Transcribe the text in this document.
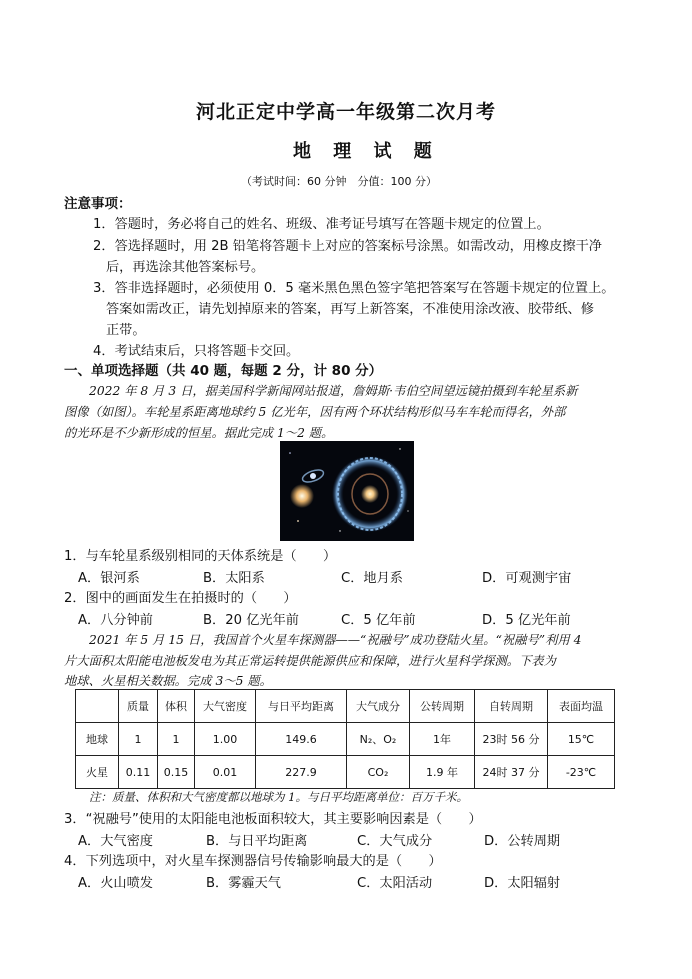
河北正定中学高一年级第二次月考
地 理 试 题
（考试时间：60 分钟　分值：100 分）
注意事项：
1．答题时，务必将自己的姓名、班级、准考证号填写在答题卡规定的位置上。
2．答选择题时，用 2B 铅笔将答题卡上对应的答案标号涂黑。如需改动，用橡皮擦干净
后，再选涂其他答案标号。
3．答非选择题时，必须使用 0．5 毫米黑色黑色签字笔把答案写在答题卡规定的位置上。
答案如需改正，请先划掉原来的答案，再写上新答案，不准使用涂改液、胶带纸、修
正带。
4．考试结束后，只将答题卡交回。
一、单项选择题（共 40 题，每题 2 分，计 80 分）
2022 年 8 月 3 日，据美国科学新闻网站报道，詹姆斯·韦伯空间望远镜拍摄到车轮星系新
图像（如图）。车轮星系距离地球约 5 亿光年，因有两个环状结构形似马车车轮而得名，外部
的光环是不少新形成的恒星。据此完成 1～2 题。
1．与车轮星系级别相同的天体系统是（　　）
A．银河系	B．太阳系	C．地月系	D．可观测宇宙
2．图中的画面发生在拍摄时的（　　）
A．八分钟前	B．20 亿光年前	C．5 亿年前	D．5 亿光年前
2021 年 5 月 15 日，我国首个火星车探测器——“祝融号”成功登陆火星。“祝融号”利用 4
片大面积太阳能电池板发电为其正常运转提供能源供应和保障，进行火星科学探测。下表为
地球、火星相关数据。完成 3～5 题。
	质量	体积	大气密度	与日平均距离	大气成分	公转周期	自转周期	表面均温
地球	1	1	1.00	149.6	N₂、O₂	1年	23时 56 分	15℃
火星	0.11	0.15	0.01	227.9	CO₂	1.9 年	24时 37 分	-23℃
注：质量、体积和大气密度都以地球为 1。与日平均距离单位：百万千米。
3．“祝融号”使用的太阳能电池板面积较大，其主要影响因素是（　　）
A．大气密度	B．与日平均距离	C．大气成分	D．公转周期
4．下列选项中，对火星车探测器信号传输影响最大的是（　　）
A．火山喷发	B．雾霾天气	C．太阳活动	D．太阳辐射
